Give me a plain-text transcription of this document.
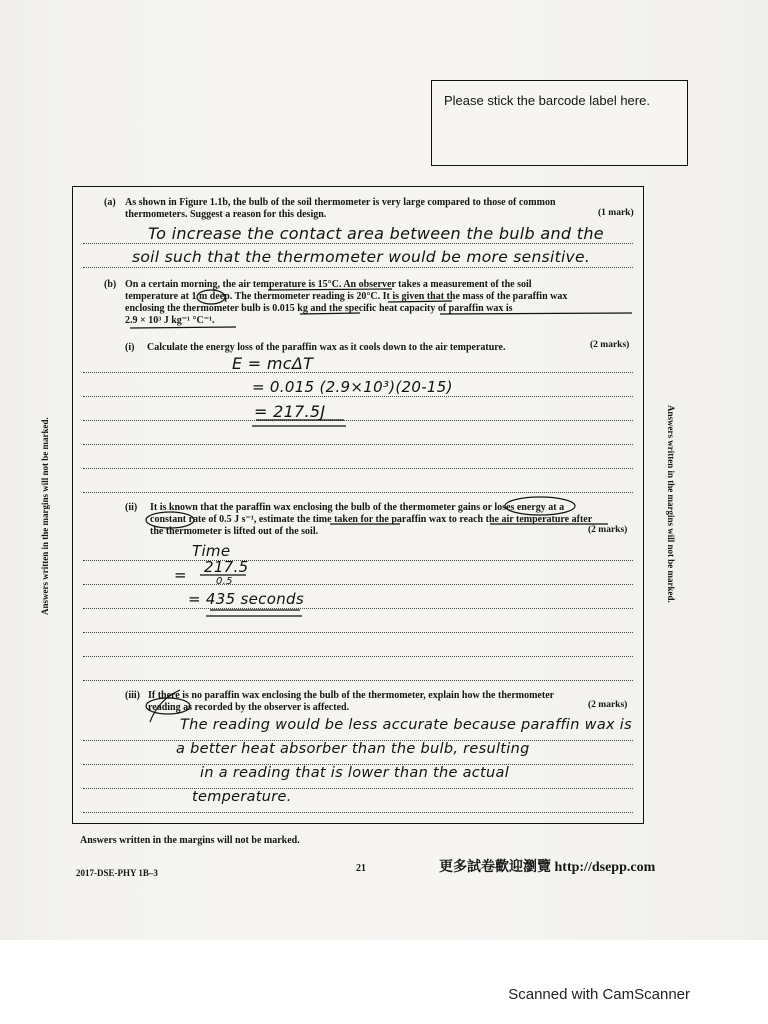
Please stick the barcode label here.
Answers written in the margins will not be marked.	Answers written in the margins will not be marked.
(a) As shown in Figure 1.1b, the bulb of the soil thermometer is very large compared to those of common
thermometers. Suggest a reason for this design.	(1 mark)
To increase the contact area between the bulb and the
soil such that the thermometer would be more sensitive.
(b) On a certain morning, the air temperature is 15°C. An observer takes a measurement of the soil
temperature at 1 m deep. The thermometer reading is 20°C. It is given that the mass of the paraffin wax
enclosing the thermometer bulb is 0.015 kg and the specific heat capacity of paraffin wax is
2.9 × 10³ J kg⁻¹ °C⁻¹.
(i) Calculate the energy loss of the paraffin wax as it cools down to the air temperature.	(2 marks)
E = mcΔT
= 0.015 (2.9×10³)(20-15)
= 217.5J
(ii) It is known that the paraffin wax enclosing the bulb of the thermometer gains or loses energy at a
constant rate of 0.5 J s⁻¹, estimate the time taken for the paraffin wax to reach the air temperature after
the thermometer is lifted out of the soil.	(2 marks)
Time
= 217.5
0.5
= 435 seconds
(iii) If there is no paraffin wax enclosing the bulb of the thermometer, explain how the thermometer
reading as recorded by the observer is affected.	(2 marks)
The reading would be less accurate because paraffin wax is
a better heat absorber than the bulb, resulting
in a reading that is lower than the actual
temperature.
Answers written in the margins will not be marked.
2017-DSE-PHY 1B–3	21	更多試卷歡迎瀏覽 http://dsepp.com
Scanned with CamScanner
